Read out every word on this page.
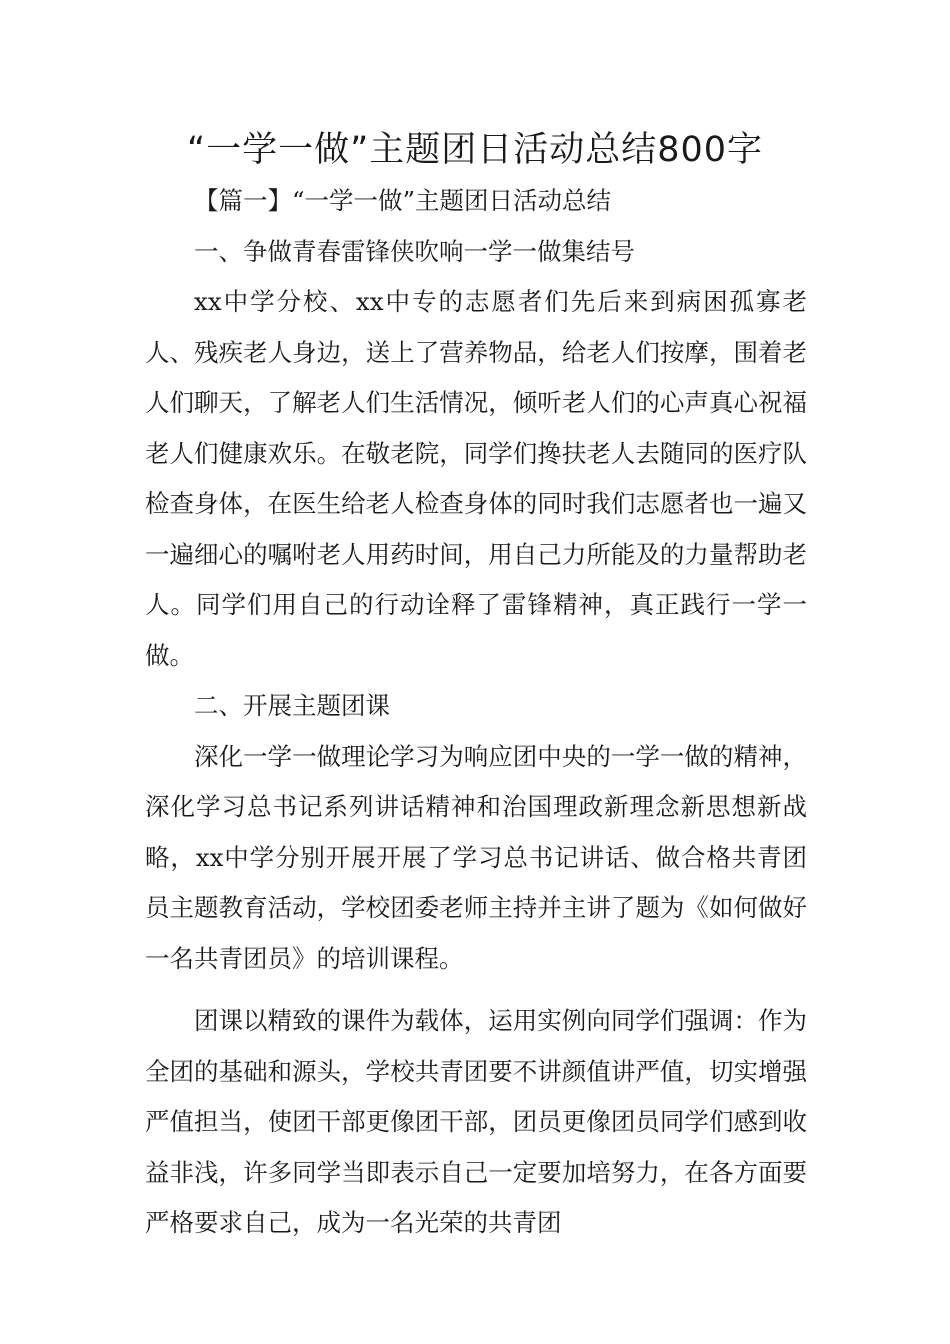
“一学一做”主题团日活动总结800字

【篇一】“一学一做”主题团日活动总结

一、争做青春雷锋侠吹响一学一做集结号

xx中学分校、xx中专的志愿者们先后来到病困孤寡老人、残疾老人身边，送上了营养物品，给老人们按摩，围着老人们聊天，了解老人们生活情况，倾听老人们的心声真心祝福老人们健康欢乐。在敬老院，同学们搀扶老人去随同的医疗队检查身体，在医生给老人检查身体的同时我们志愿者也一遍又一遍细心的嘱咐老人用药时间，用自己力所能及的力量帮助老人。同学们用自己的行动诠释了雷锋精神，真正践行一学一做。

二、开展主题团课

深化一学一做理论学习为响应团中央的一学一做的精神，深化学习总书记系列讲话精神和治国理政新理念新思想新战略，xx中学分别开展开展了学习总书记讲话、做合格共青团员主题教育活动，学校团委老师主持并主讲了题为《如何做好一名共青团员》的培训课程。

团课以精致的课件为载体，运用实例向同学们强调：作为全团的基础和源头，学校共青团要不讲颜值讲严值，切实增强严值担当，使团干部更像团干部，团员更像团员同学们感到收益非浅，许多同学当即表示自己一定要加培努力，在各方面要严格要求自己，成为一名光荣的共青团
